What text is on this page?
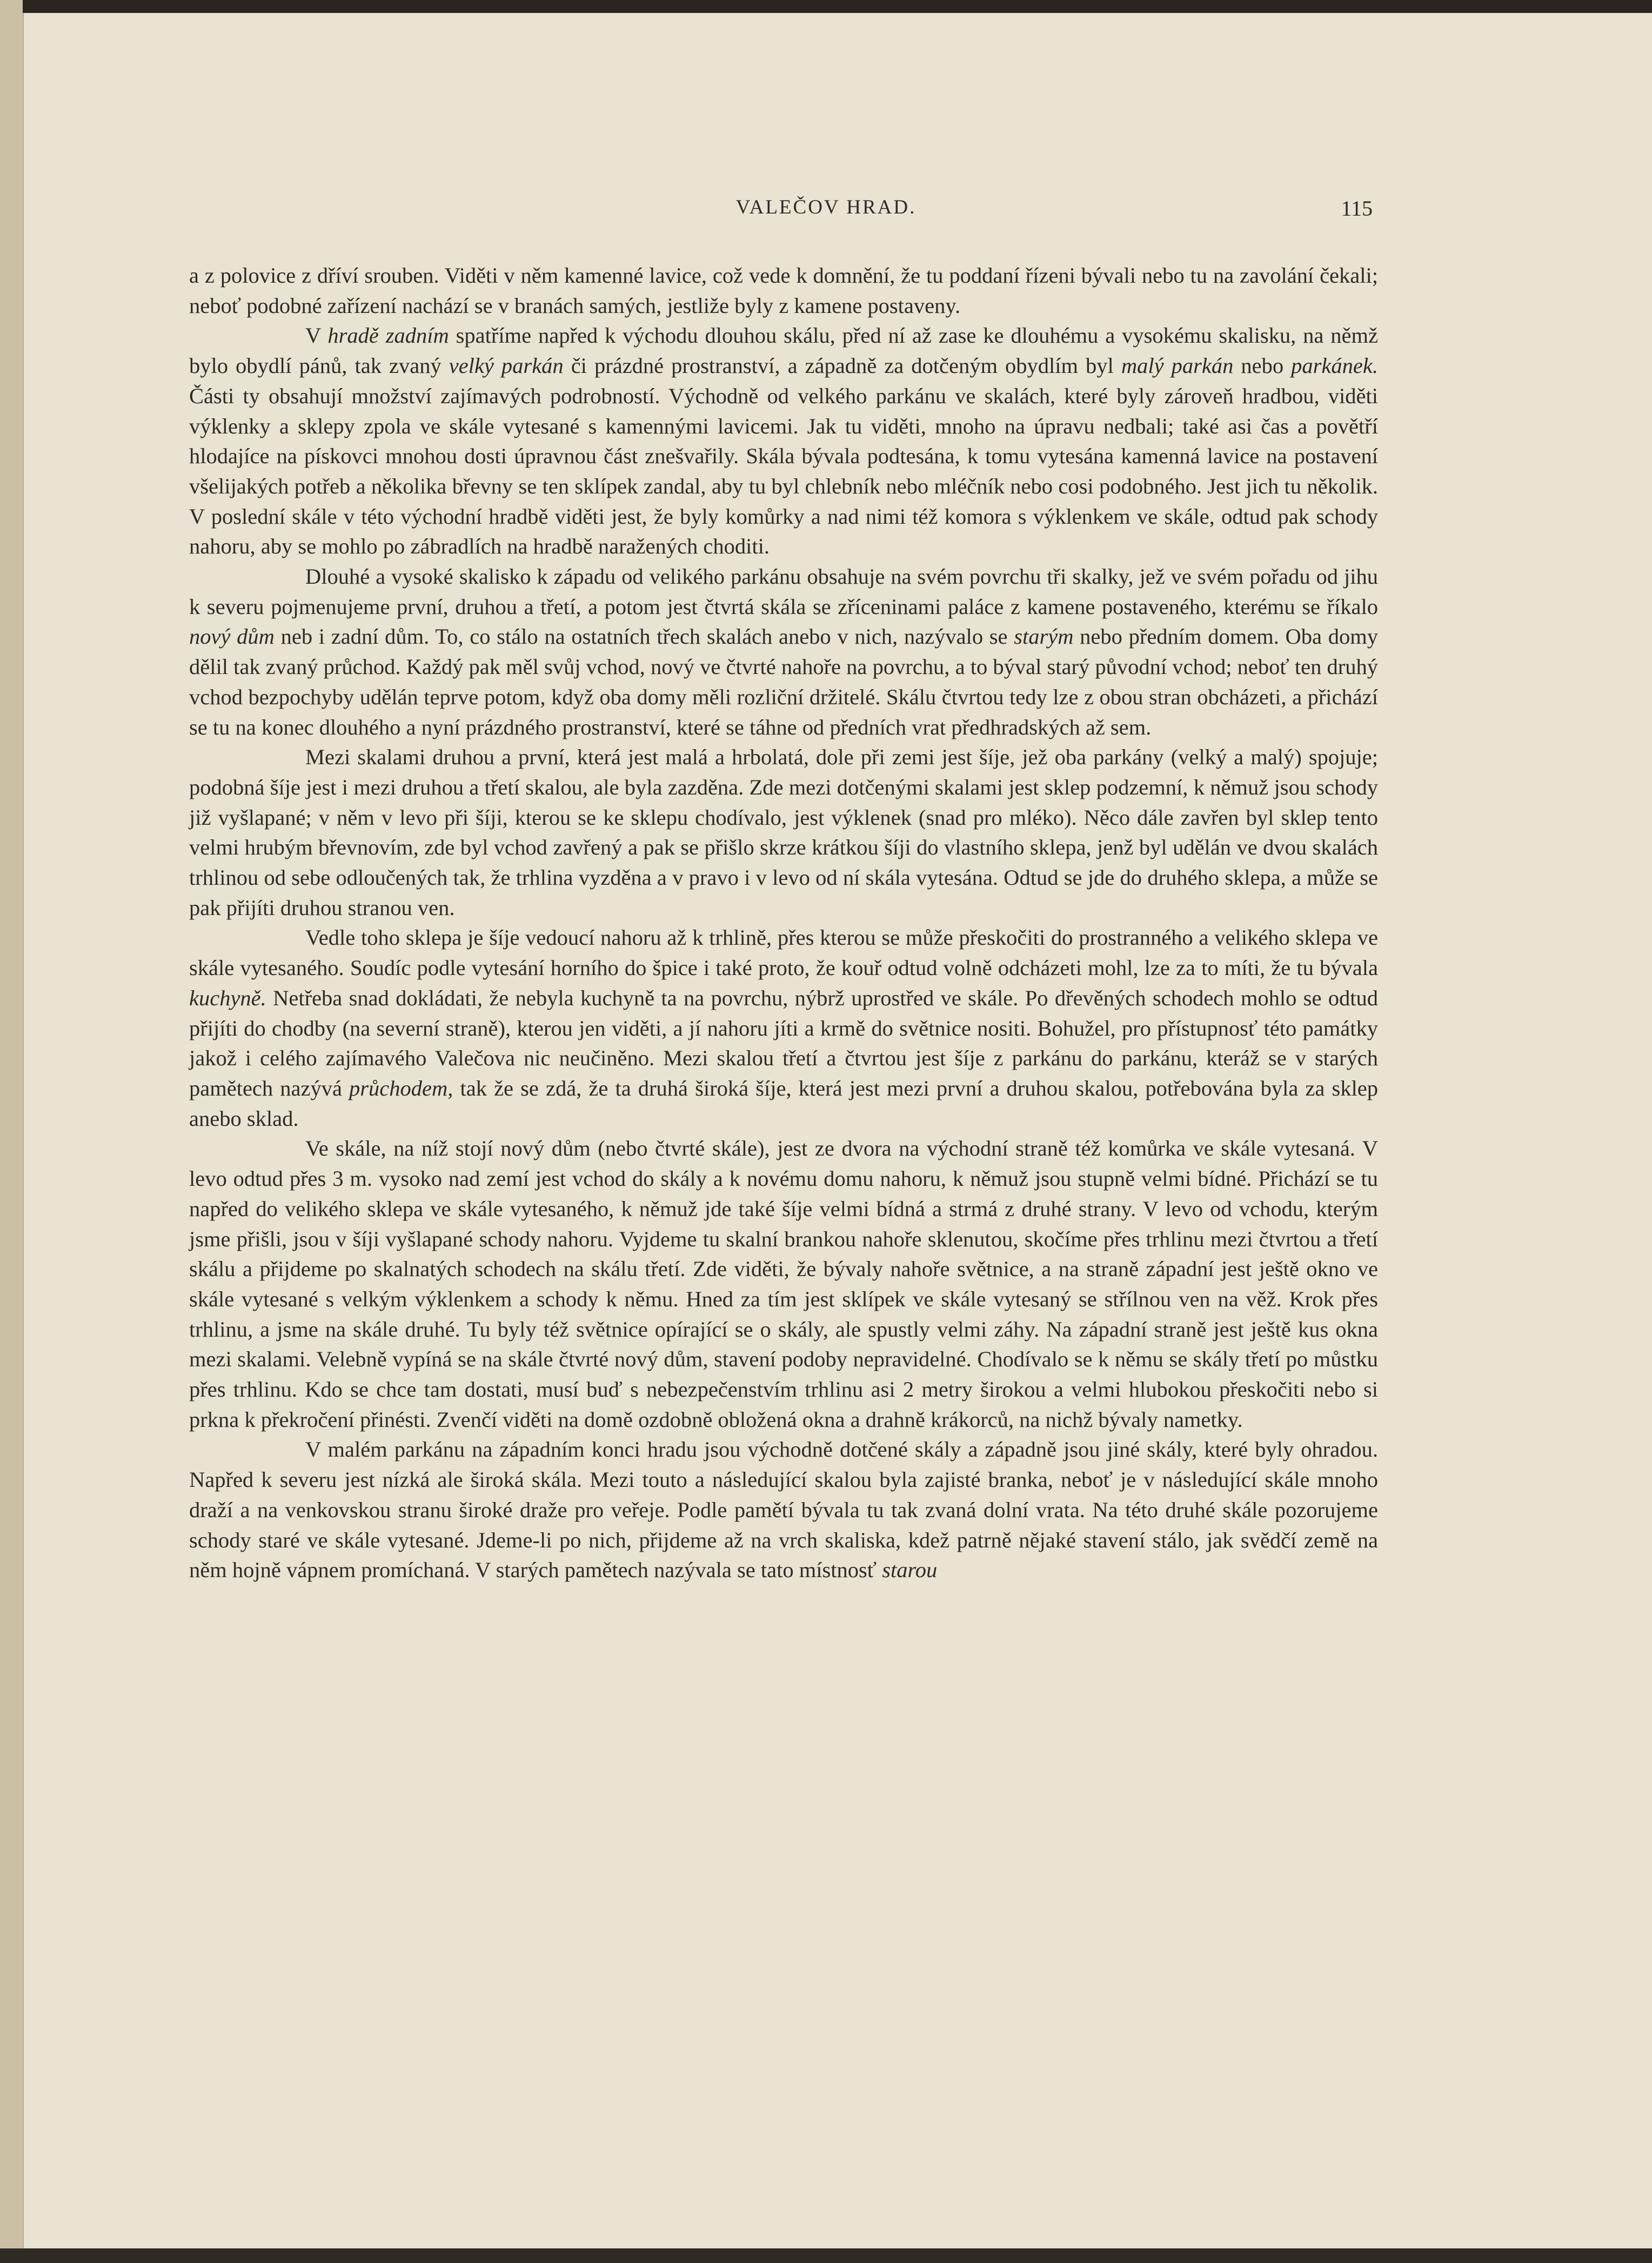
VALEČOV HRAD.	115

a z polovice z dříví srouben. Viděti v něm kamenné lavice, což vede k domnění, že tu poddaní řízeni bývali nebo tu na zavolání čekali; neboť podobné zařízení nachází se v branách samých, jestliže byly z kamene postaveny.

V hradě zadním spatříme napřed k východu dlouhou skálu, před ní až zase ke dlouhému a vysokému skalisku, na němž bylo obydlí pánů, tak zvaný velký parkán či prázdné prostranství, a západně za dotčeným obydlím byl malý parkán nebo parkánek. Části ty obsahují množství zajímavých podrobností. Východně od velkého parkánu ve skalách, které byly zároveň hradbou, viděti výklenky a sklepy zpola ve skále vytesané s kamennými lavicemi. Jak tu viděti, mnoho na úpravu nedbali; také asi čas a povětří hlodajíce na pískovci mnohou dosti úpravnou část znešvařily. Skála bývala podtesána, k tomu vytesána kamenná lavice na postavení všelijakých potřeb a několika břevny se ten sklípek zandal, aby tu byl chlebník nebo mléčník nebo cosi podobného. Jest jich tu několik. V poslední skále v této východní hradbě viděti jest, že byly komůrky a nad nimi též komora s výklenkem ve skále, odtud pak schody nahoru, aby se mohlo po zábradlích na hradbě naražených choditi.

Dlouhé a vysoké skalisko k západu od velikého parkánu obsahuje na svém povrchu tři skalky, jež ve svém pořadu od jihu k severu pojmenujeme první, druhou a třetí, a potom jest čtvrtá skála se zříceninami paláce z kamene postaveného, kterému se říkalo nový dům neb i zadní dům. To, co stálo na ostatních třech skalách anebo v nich, nazývalo se starým nebo předním domem. Oba domy dělil tak zvaný průchod. Každý pak měl svůj vchod, nový ve čtvrté nahoře na povrchu, a to býval starý původní vchod; neboť ten druhý vchod bezpochyby udělán teprve potom, když oba domy měli rozliční držitelé. Skálu čtvrtou tedy lze z obou stran obcházeti, a přichází se tu na konec dlouhého a nyní prázdného prostranství, které se táhne od předních vrat předhradských až sem.

Mezi skalami druhou a první, která jest malá a hrbolatá, dole při zemi jest šíje, jež oba parkány (velký a malý) spojuje; podobná šíje jest i mezi druhou a třetí skalou, ale byla zazděna. Zde mezi dotčenými skalami jest sklep podzemní, k němuž jsou schody již vyšlapané; v něm v levo při šíji, kterou se ke sklepu chodívalo, jest výklenek (snad pro mléko). Něco dále zavřen byl sklep tento velmi hrubým břevnovím, zde byl vchod zavřený a pak se přišlo skrze krátkou šíji do vlastního sklepa, jenž byl udělán ve dvou skalách trhlinou od sebe odloučených tak, že trhlina vyzděna a v pravo i v levo od ní skála vytesána. Odtud se jde do druhého sklepa, a může se pak přijíti druhou stranou ven.

Vedle toho sklepa je šíje vedoucí nahoru až k trhlině, přes kterou se může přeskočiti do prostranného a velikého sklepa ve skále vytesaného. Soudíc podle vytesání horního do špice i také proto, že kouř odtud volně odcházeti mohl, lze za to míti, že tu bývala kuchyně. Netřeba snad dokládati, že nebyla kuchyně ta na povrchu, nýbrž uprostřed ve skále. Po dřevěných schodech mohlo se odtud přijíti do chodby (na severní straně), kterou jen viděti, a jí nahoru jíti a krmě do světnice nositi. Bohužel, pro přístupnosť této památky jakož i celého zajímavého Valečova nic neučiněno. Mezi skalou třetí a čtvrtou jest šíje z parkánu do parkánu, kteráž se v starých pamětech nazývá průchodem, tak že se zdá, že ta druhá široká šíje, která jest mezi první a druhou skalou, potřebována byla za sklep anebo sklad.

Ve skále, na níž stojí nový dům (nebo čtvrté skále), jest ze dvora na východní straně též komůrka ve skále vytesaná. V levo odtud přes 3 m. vysoko nad zemí jest vchod do skály a k novému domu nahoru, k němuž jsou stupně velmi bídné. Přichází se tu napřed do velikého sklepa ve skále vytesaného, k němuž jde také šíje velmi bídná a strmá z druhé strany. V levo od vchodu, kterým jsme přišli, jsou v šíji vyšlapané schody nahoru. Vyjdeme tu skalní brankou nahoře sklenutou, skočíme přes trhlinu mezi čtvrtou a třetí skálu a přijdeme po skalnatých schodech na skálu třetí. Zde viděti, že bývaly nahoře světnice, a na straně západní jest ještě okno ve skále vytesané s velkým výklenkem a schody k němu. Hned za tím jest sklípek ve skále vytesaný se střílnou ven na věž. Krok přes trhlinu, a jsme na skále druhé. Tu byly též světnice opírající se o skály, ale spustly velmi záhy. Na západní straně jest ještě kus okna mezi skalami. Velebně vypíná se na skále čtvrté nový dům, stavení podoby nepravidelné. Chodívalo se k němu se skály třetí po můstku přes trhlinu. Kdo se chce tam dostati, musí buď s nebezpečenstvím trhlinu asi 2 metry širokou a velmi hlubokou přeskočiti nebo si prkna k překročení přinésti. Zvenčí viděti na domě ozdobně obložená okna a drahně krákorců, na nichž bývaly nametky.

V malém parkánu na západním konci hradu jsou východně dotčené skály a západně jsou jiné skály, které byly ohradou. Napřed k severu jest nízká ale široká skála. Mezi touto a následující skalou byla zajisté branka, neboť je v následující skále mnoho draží a na venkovskou stranu široké draže pro veřeje. Podle pamětí bývala tu tak zvaná dolní vrata. Na této druhé skále pozorujeme schody staré ve skále vytesané. Jdeme-li po nich, přijdeme až na vrch skaliska, kdež patrně nějaké stavení stálo, jak svědčí země na něm hojně vápnem promíchaná. V starých pamětech nazývala se tato místnosť starou
